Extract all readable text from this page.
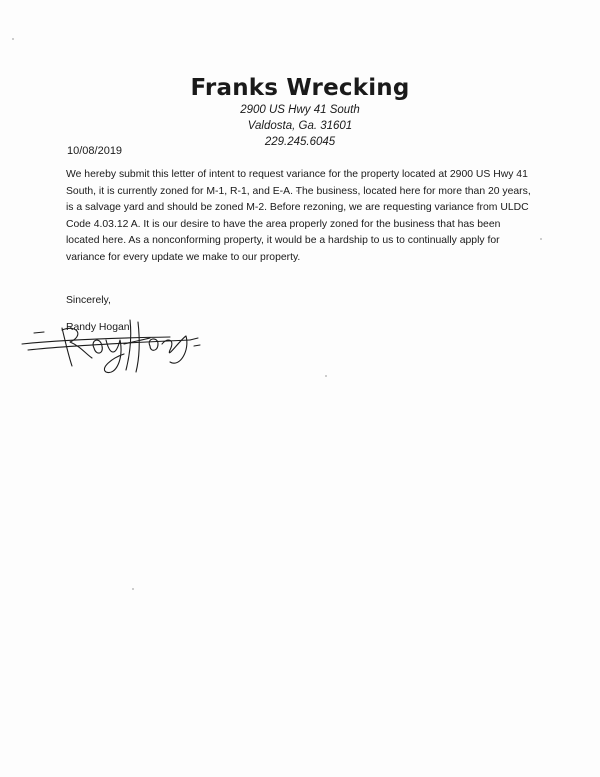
Franks Wrecking

2900 US Hwy 41 South

Valdosta, Ga. 31601

229.245.6045

10/08/2019

We hereby submit this letter of intent to request variance for the property located at 2900 US Hwy 41 South, it is currently zoned for M-1, R-1, and E-A. The business, located here for more than 20 years, is a salvage yard and should be zoned M-2. Before rezoning, we are requesting variance from ULDC Code 4.03.12 A. It is our desire to have the area properly zoned for the business that has been located here. As a nonconforming property, it would be a hardship to us to continually apply for variance for every update we make to our property.

Sincerely,
Randy Hogan
